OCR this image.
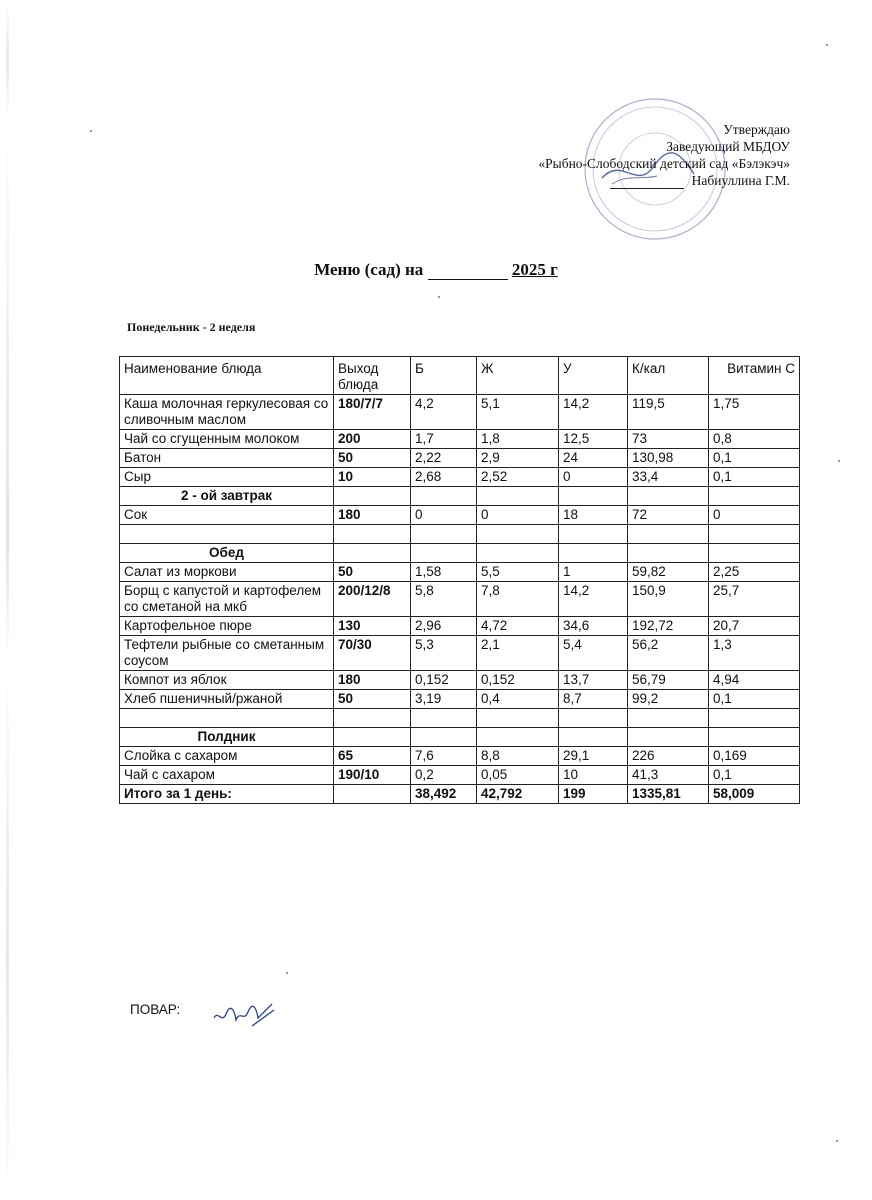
Утверждаю
Заведующий МБДОУ
«Рыбно-Слободский детский сад «Бэлэкэч»
Набиуллина Г.М.
Меню (сад) на	2025 г
Понедельник - 2 неделя
Наименование блюда	Выход блюда	Б	Ж	У	К/кал	Витамин С
Каша молочная геркулесовая со сливочным маслом	180/7/7	4,2	5,1	14,2	119,5	1,75
Чай со сгущенным молоком	200	1,7	1,8	12,5	73	0,8
Батон	50	2,22	2,9	24	130,98	0,1
Сыр	10	2,68	2,52	0	33,4	0,1
2 - ой завтрак						
Сок	180	0	0	18	72	0

Обед						
Салат из моркови	50	1,58	5,5	1	59,82	2,25
Борщ с капустой и картофелем со сметаной на мкб	200/12/8	5,8	7,8	14,2	150,9	25,7
Картофельное пюре	130	2,96	4,72	34,6	192,72	20,7
Тефтели рыбные со сметанным соусом	70/30	5,3	2,1	5,4	56,2	1,3
Компот из яблок	180	0,152	0,152	13,7	56,79	4,94
Хлеб пшеничный/ржаной	50	3,19	0,4	8,7	99,2	0,1

Полдник						
Слойка с сахаром	65	7,6	8,8	29,1	226	0,169
Чай с сахаром	190/10	0,2	0,05	10	41,3	0,1
Итого за 1 день:		38,492	42,792	199	1335,81	58,009
ПОВАР:
